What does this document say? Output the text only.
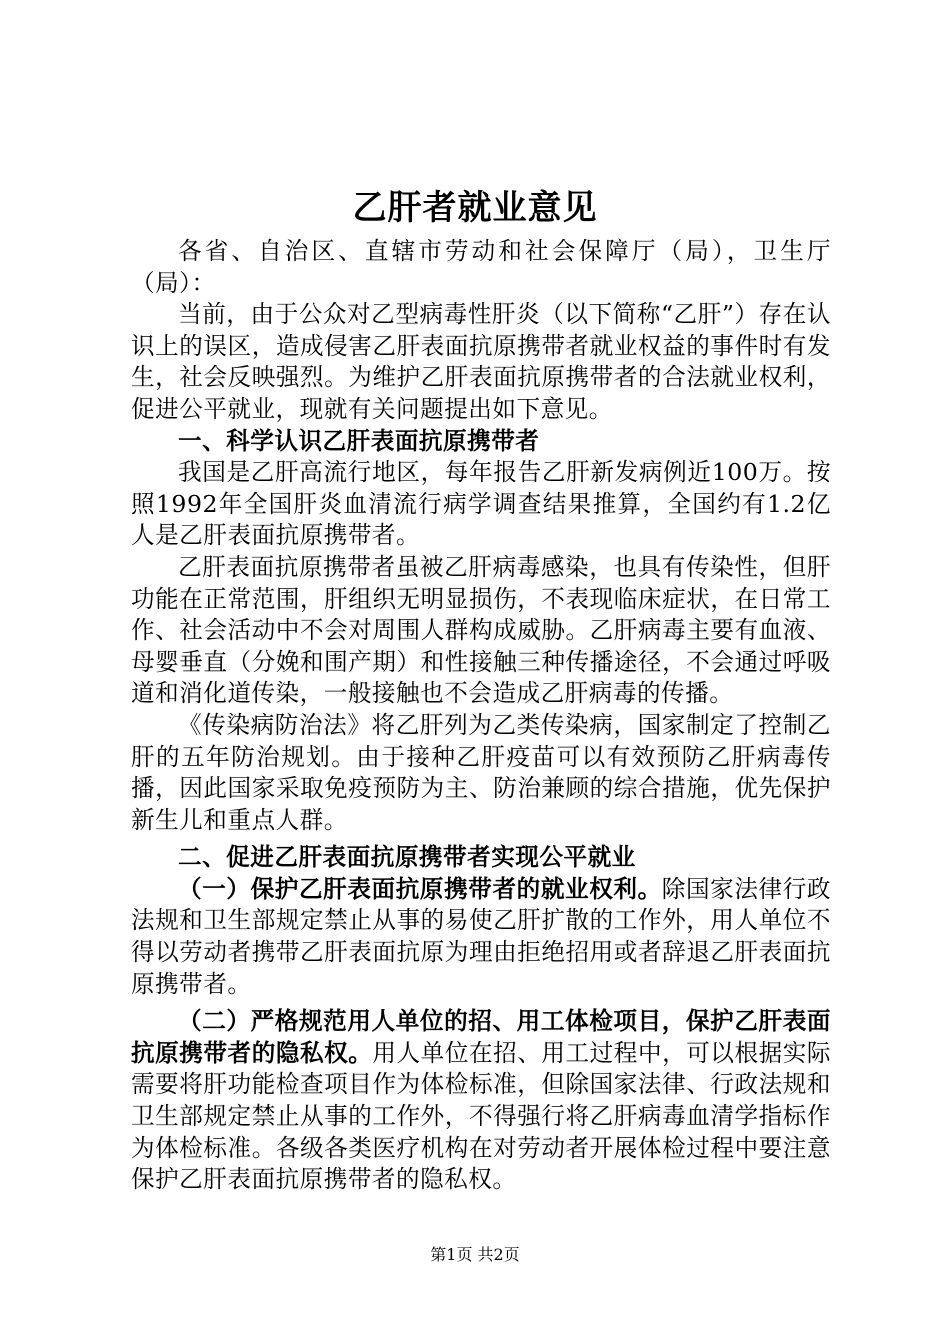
乙肝者就业意见

各省、自治区、直辖市劳动和社会保障厅（局），卫生厅（局）：

当前，由于公众对乙型病毒性肝炎（以下简称“乙肝”）存在认识上的误区，造成侵害乙肝表面抗原携带者就业权益的事件时有发生，社会反映强烈。为维护乙肝表面抗原携带者的合法就业权利，促进公平就业，现就有关问题提出如下意见。

一、科学认识乙肝表面抗原携带者

我国是乙肝高流行地区，每年报告乙肝新发病例近100万。按照1992年全国肝炎血清流行病学调查结果推算，全国约有1.2亿人是乙肝表面抗原携带者。

乙肝表面抗原携带者虽被乙肝病毒感染，也具有传染性，但肝功能在正常范围，肝组织无明显损伤，不表现临床症状，在日常工作、社会活动中不会对周围人群构成威胁。乙肝病毒主要有血液、母婴垂直（分娩和围产期）和性接触三种传播途径，不会通过呼吸道和消化道传染，一般接触也不会造成乙肝病毒的传播。

《传染病防治法》将乙肝列为乙类传染病，国家制定了控制乙肝的五年防治规划。由于接种乙肝疫苗可以有效预防乙肝病毒传播，因此国家采取免疫预防为主、防治兼顾的综合措施，优先保护新生儿和重点人群。

二、促进乙肝表面抗原携带者实现公平就业

（一）保护乙肝表面抗原携带者的就业权利。除国家法律行政法规和卫生部规定禁止从事的易使乙肝扩散的工作外，用人单位不得以劳动者携带乙肝表面抗原为理由拒绝招用或者辞退乙肝表面抗原携带者。

（二）严格规范用人单位的招、用工体检项目，保护乙肝表面抗原携带者的隐私权。用人单位在招、用工过程中，可以根据实际需要将肝功能检查项目作为体检标准，但除国家法律、行政法规和卫生部规定禁止从事的工作外，不得强行将乙肝病毒血清学指标作为体检标准。各级各类医疗机构在对劳动者开展体检过程中要注意保护乙肝表面抗原携带者的隐私权。

第1页 共2页
